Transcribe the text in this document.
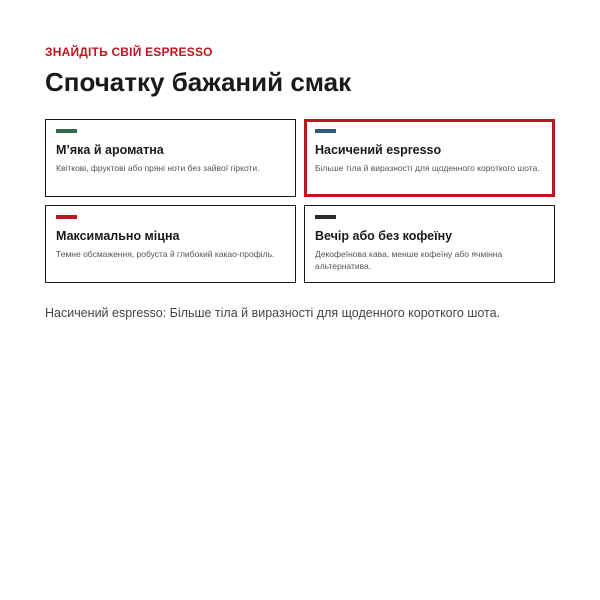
ЗНАЙДІТЬ СВІЙ ESPRESSO
Спочатку бажаний смак
М’яка й ароматна
Квіткові, фруктові або пряні ноти без зайвої гіркоти.
Насичений espresso
Більше тіла й виразності для щоденного короткого шота.
Максимально міцна
Темне обсмаження, робуста й глибокий какао-профіль.
Вечір або без кофеїну
Декофеїнова кава, менше кофеїну або ячмінна альтернатива.

Насичений espresso: Більше тіла й виразності для щоденного короткого шота.
